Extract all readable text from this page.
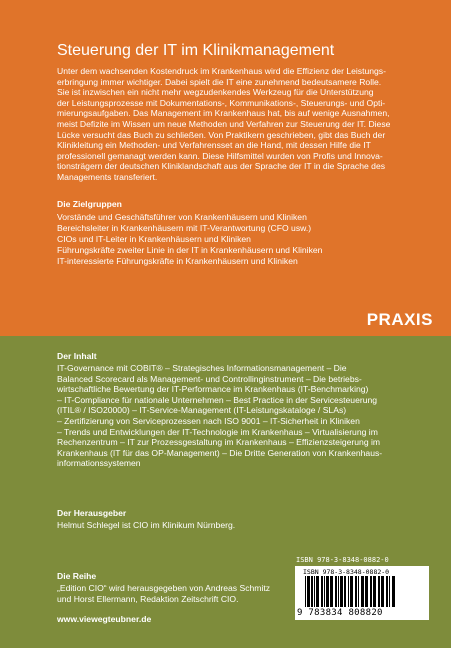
Steuerung der IT im Klinikmanagement

Unter dem wachsenden Kostendruck im Krankenhaus wird die Effizienz der Leistungs-
erbringung immer wichtiger. Dabei spielt die IT eine zunehmend bedeutsamere Rolle.
Sie ist inzwischen ein nicht mehr wegzudenkendes Werkzeug für die Unterstützung
der Leistungsprozesse mit Dokumentations-, Kommunikations-, Steuerungs- und Opti-
mierungsaufgaben. Das Management im Krankenhaus hat, bis auf wenige Ausnahmen,
meist Defizite im Wissen um neue Methoden und Verfahren zur Steuerung der IT. Diese
Lücke versucht das Buch zu schließen. Von Praktikern geschrieben, gibt das Buch der
Klinikleitung ein Methoden- und Verfahrensset an die Hand, mit dessen Hilfe die IT
professionell gemanagt werden kann. Diese Hilfsmittel wurden von Profis und Innova-
tionsträgern der deutschen Kliniklandschaft aus der Sprache der IT in die Sprache des
Managements transferiert.

Die Zielgruppen
Vorstände und Geschäftsführer von Krankenhäusern und Kliniken
Bereichsleiter in Krankenhäusern mit IT-Verantwortung (CFO usw.)
CIOs und IT-Leiter in Krankenhäusern und Kliniken
Führungskräfte zweiter Linie in der IT in Krankenhäusern und Kliniken
IT-interessierte Führungskräfte in Krankenhäusern und Kliniken
PRAXIS
Der Inhalt

IT-Governance mit COBIT® – Strategisches Informationsmanagement – Die
Balanced Scorecard als Management- und Controllinginstrument – Die betriebs-
wirtschaftliche Bewertung der IT-Performance im Krankenhaus (IT-Benchmarking)
– IT-Compliance für nationale Unternehmen – Best Practice in der Servicesteuerung
(ITIL® / ISO20000) – IT-Service-Management (IT-Leistungskataloge / SLAs)
– Zertifizierung von Serviceprozessen nach ISO 9001 – IT-Sicherheit in Kliniken
– Trends und Entwicklungen der IT-Technologie im Krankenhaus – Virtualisierung im
Rechenzentrum – IT zur Prozessgestaltung im Krankenhaus – Effizienzsteigerung im
Krankenhaus (IT für das OP-Management) – Die Dritte Generation von Krankenhaus-
informationssystemen

Der Herausgeber

Helmut Schlegel ist CIO im Klinikum Nürnberg.

ISBN 978-3-8348-0882-0
ISBN 978-3-8348-0882-0
9 783834 808820
Die Reihe

„Edition CIO“ wird herausgegeben von Andreas Schmitz
und Horst Ellermann, Redaktion Zeitschrift CIO.

www.viewegteubner.de
